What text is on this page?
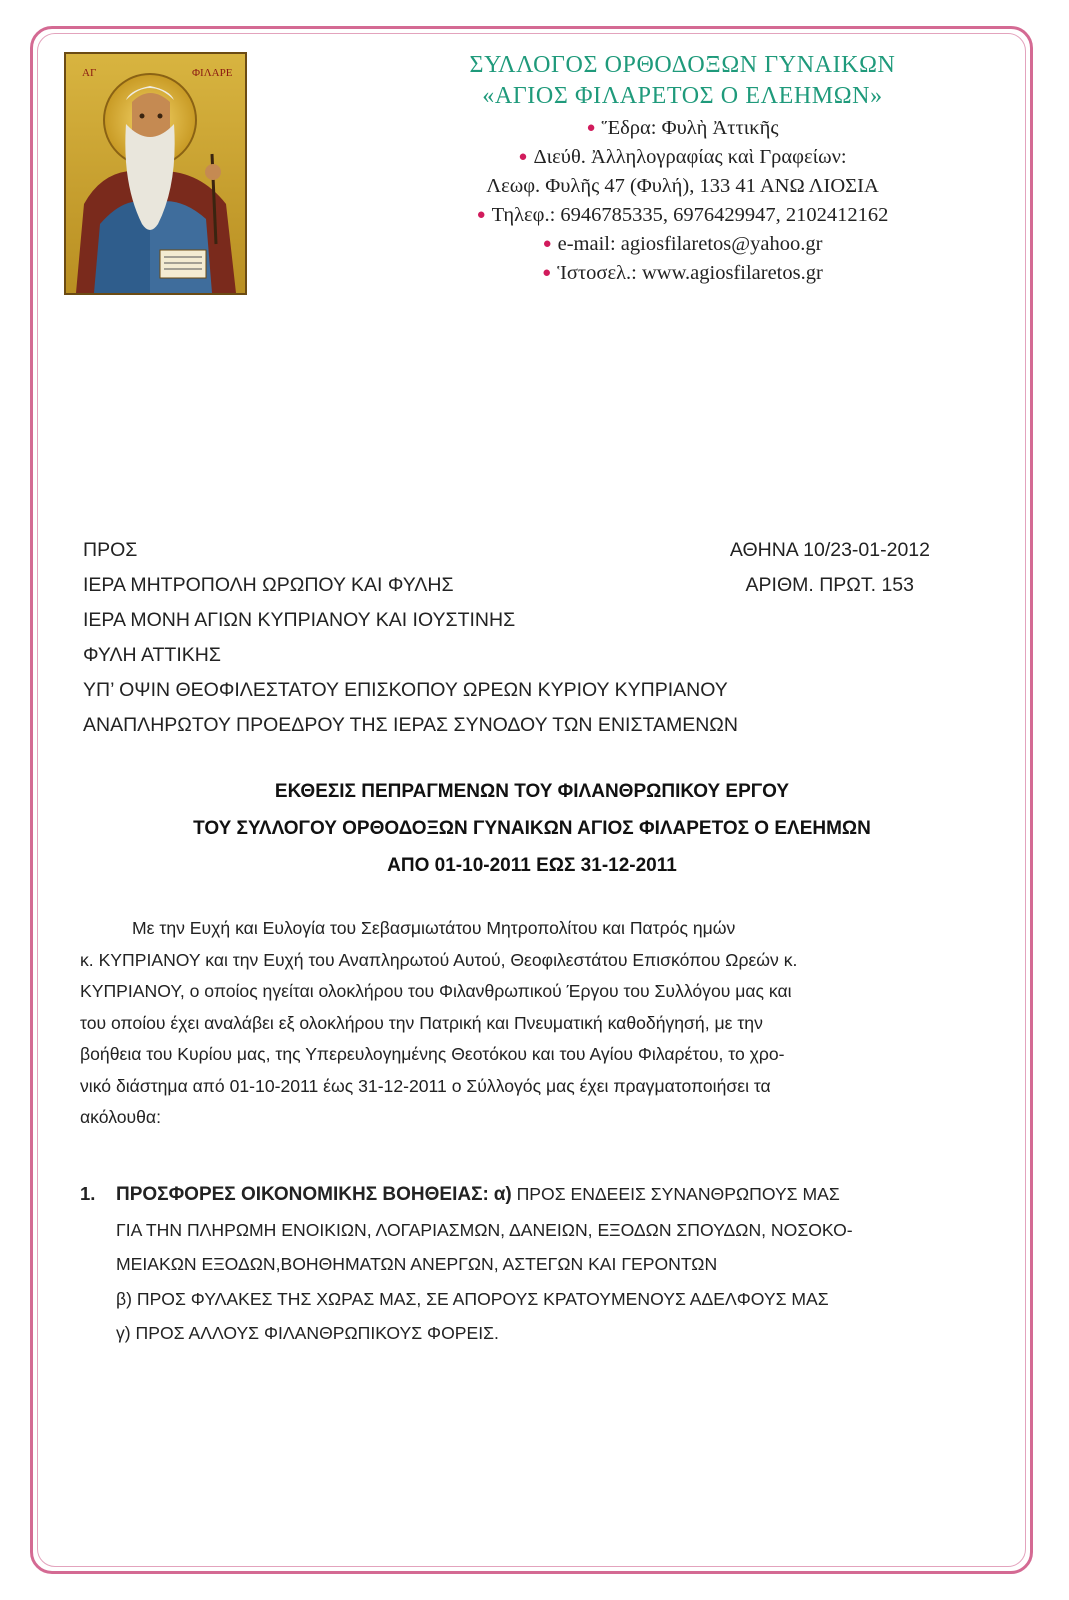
ΑΓ	ΦΙΛΑΡΕ	ΣΥΛΛΟΓΟΣ ΟΡΘΟΔΟΞΩΝ ΓΥΝΑΙΚΩΝ
«ΑΓΙΟΣ ΦΙΛΑΡΕΤΟΣ Ο ΕΛΕΗΜΩΝ»
● Ἕδρα: Φυλὴ Ἀττικῆς
● Διεύθ. Ἀλληλογραφίας καὶ Γραφείων:
Λεωφ. Φυλῆς 47 (Φυλή), 133 41 ΑΝΩ ΛΙΟΣΙΑ
● Τηλεφ.: 6946785335, 6976429947, 2102412162
● e-mail: agiosfilaretos@yahoo.gr
● Ἱστοσελ.: www.agiosfilaretos.gr
ΠΡΟΣ
ΙΕΡΑ ΜΗΤΡΟΠΟΛΗ ΩΡΩΠΟΥ ΚΑΙ ΦΥΛΗΣ
ΙΕΡΑ ΜΟΝΗ ΑΓΙΩΝ ΚΥΠΡΙΑΝΟΥ ΚΑΙ ΙΟΥΣΤΙΝΗΣ
ΦΥΛΗ ΑΤΤΙΚΗΣ
ΥΠ’ ΟΨΙΝ ΘΕΟΦΙΛΕΣΤΑΤΟΥ ΕΠΙΣΚΟΠΟΥ ΩΡΕΩΝ ΚΥΡΙΟΥ ΚΥΠΡΙΑΝΟΥ
ΑΝΑΠΛΗΡΩΤΟΥ ΠΡΟΕΔΡΟΥ ΤΗΣ ΙΕΡΑΣ ΣΥΝΟΔΟΥ ΤΩΝ ΕΝΙΣΤΑΜΕΝΩΝ
ΑΘΗΝΑ 10/23-01-2012
ΑΡΙΘΜ. ΠΡΩΤ. 153
ΕΚΘΕΣΙΣ ΠΕΠΡΑΓΜΕΝΩΝ ΤΟΥ ΦΙΛΑΝΘΡΩΠΙΚΟΥ ΕΡΓΟΥ
ΤΟΥ ΣΥΛΛΟΓΟΥ ΟΡΘΟΔΟΞΩΝ ΓΥΝΑΙΚΩΝ ΑΓΙΟΣ ΦΙΛΑΡΕΤΟΣ Ο ΕΛΕΗΜΩΝ
ΑΠΟ 01-10-2011 ΕΩΣ 31-12-2011
Με την Ευχή και Ευλογία του Σεβασμιωτάτου Μητροπολίτου και Πατρός ημών
κ. ΚΥΠΡΙΑΝΟΥ και την Ευχή του Αναπληρωτού Αυτού, Θεοφιλεστάτου Επισκόπου Ωρεών κ.
ΚΥΠΡΙΑΝΟΥ, ο οποίος ηγείται ολοκλήρου του Φιλανθρωπικού Έργου του Συλλόγου μας και
του οποίου έχει αναλάβει εξ ολοκλήρου την Πατρική και Πνευματική καθοδήγησή, με την
βοήθεια του Κυρίου μας, της Υπερευλογημένης Θεοτόκου και του Αγίου Φιλαρέτου, το χρο-
νικό διάστημα από 01-10-2011 έως 31-12-2011 ο Σύλλογός μας έχει πραγματοποιήσει τα
ακόλουθα:
1. ΠΡΟΣΦΟΡΕΣ ΟΙΚΟΝΟΜΙΚΗΣ ΒΟΗΘΕΙΑΣ: α) ΠΡΟΣ ΕΝΔΕΕΙΣ ΣΥΝΑΝΘΡΩΠΟΥΣ ΜΑΣ
ΓΙΑ ΤΗΝ ΠΛΗΡΩΜΗ ΕΝΟΙΚΙΩΝ, ΛΟΓΑΡΙΑΣΜΩΝ, ΔΑΝΕΙΩΝ, ΕΞΟΔΩΝ ΣΠΟΥΔΩΝ, ΝΟΣΟΚΟ-
ΜΕΙΑΚΩΝ ΕΞΟΔΩΝ,ΒΟΗΘΗΜΑΤΩΝ ΑΝΕΡΓΩΝ, ΑΣΤΕΓΩΝ ΚΑΙ ΓΕΡΟΝΤΩΝ
β) ΠΡΟΣ ΦΥΛΑΚΕΣ ΤΗΣ ΧΩΡΑΣ ΜΑΣ, ΣΕ ΑΠΟΡΟΥΣ ΚΡΑΤΟΥΜΕΝΟΥΣ ΑΔΕΛΦΟΥΣ ΜΑΣ
γ) ΠΡΟΣ ΑΛΛΟΥΣ ΦΙΛΑΝΘΡΩΠΙΚΟΥΣ ΦΟΡΕΙΣ.
